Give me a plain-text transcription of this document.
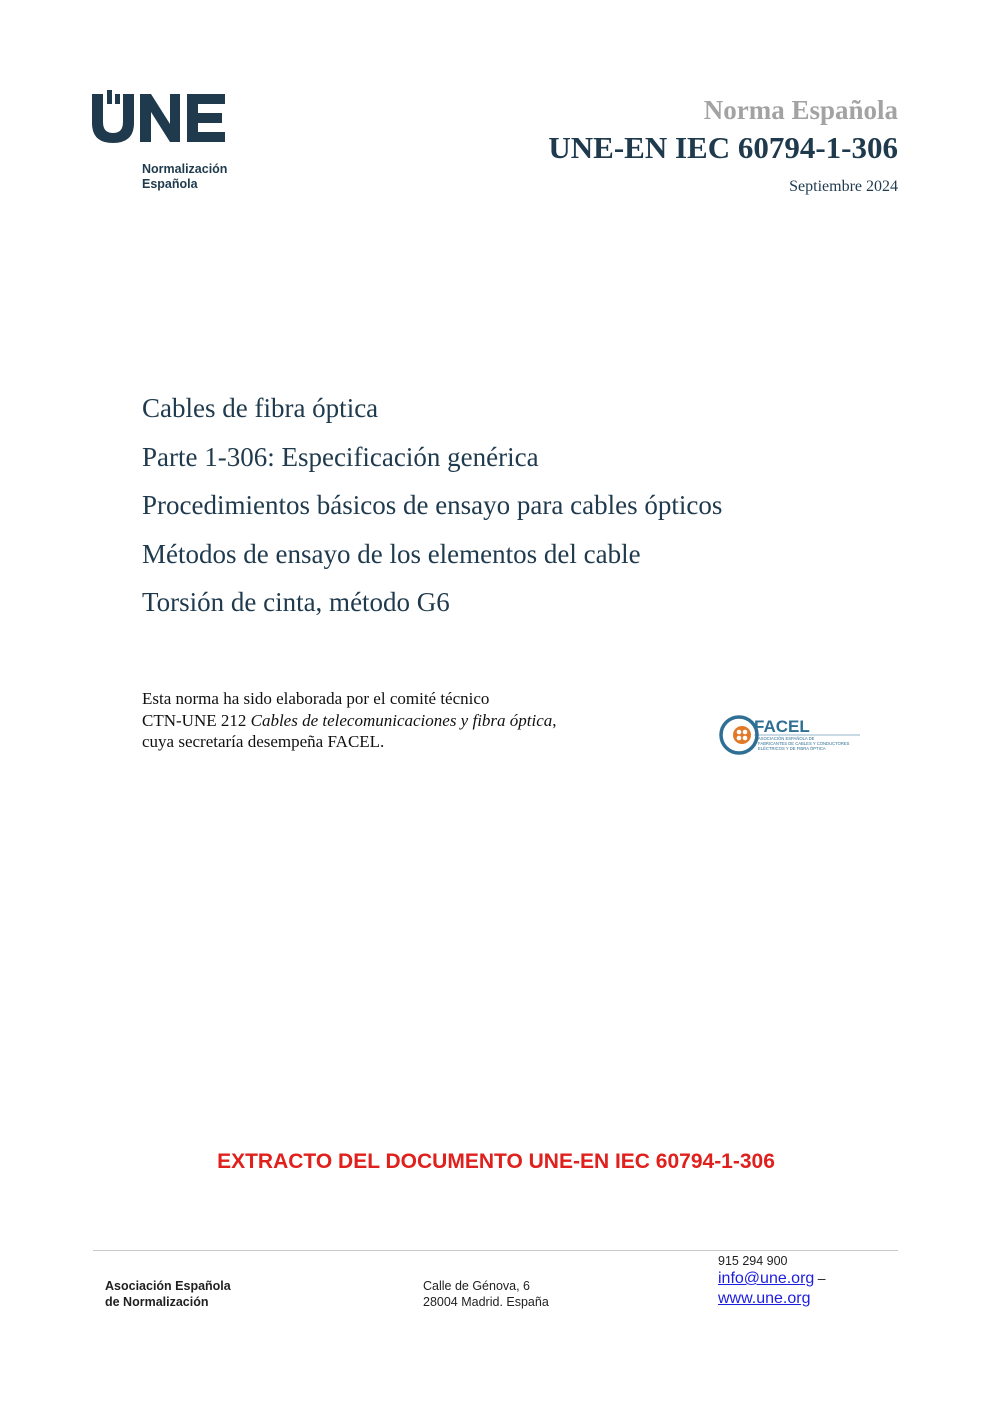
Normalización
Española
Norma Española
UNE-EN IEC 60794-1-306
Septiembre 2024
Cables de fibra óptica
Parte 1-306: Especificación genérica
Procedimientos básicos de ensayo para cables ópticos
Métodos de ensayo de los elementos del cable
Torsión de cinta, método G6
Esta norma ha sido elaborada por el comité técnico
CTN-UNE 212 Cables de telecomunicaciones y fibra óptica,
cuya secretaría desempeña FACEL.
FACEL
ASOCIACIÓN ESPAÑOLA DE
FABRICANTES DE CABLES Y CONDUCTORES
ELÉCTRICOS Y DE FIBRA ÓPTICA
EXTRACTO DEL DOCUMENTO UNE-EN IEC 60794-1-306
Asociación Española
de Normalización
Calle de Génova, 6
28004 Madrid. España
915 294 900
info@une.org –
www.une.org
